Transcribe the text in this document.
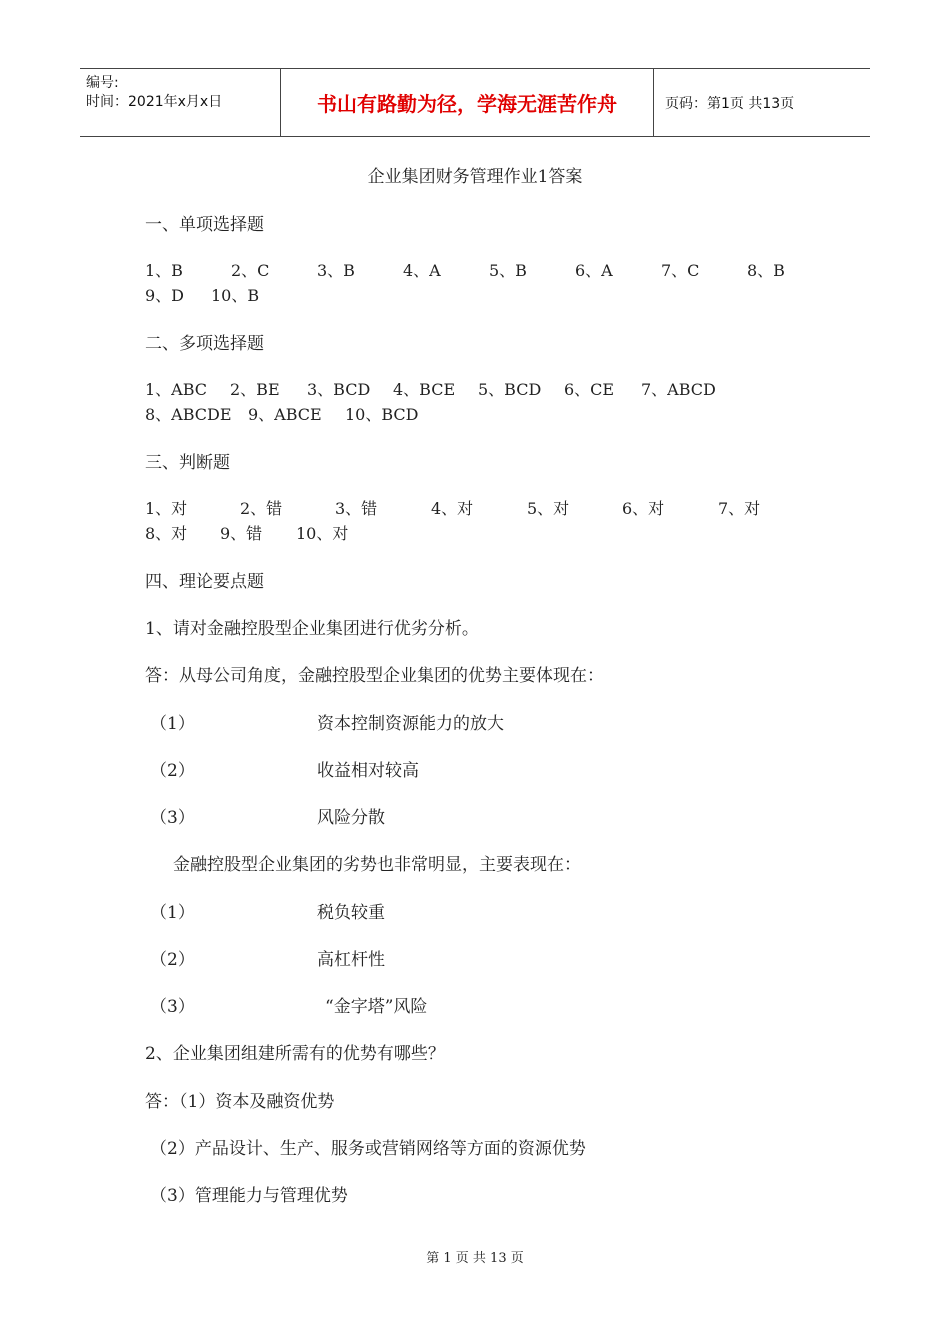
编号:
时间：2021年x月x日	书山有路勤为径，学海无涯苦作舟	页码：第1页 共13页
企业集团财务管理作业1答案
一、单项选择题
1、B	2、C	3、B	4、A	5、B	6、A	7、C	8、B
9、D 10、B
二、多项选择题
1、ABC 2、BE 3、BCD 4、BCE 5、BCD 6、CE 7、ABCD
8、ABCDE 9、ABCE 10、BCD
三、判断题
1、对	2、错	3、错	4、对	5、对	6、对	7、对
8、对 9、错 10、对
四、理论要点题
1、请对金融控股型企业集团进行优劣分析。
答：从母公司角度，金融控股型企业集团的优势主要体现在：
（1）	资本控制资源能力的放大
（2）	收益相对较高
（3）	风险分散
金融控股型企业集团的劣势也非常明显，主要表现在：
（1）	税负较重
（2）	高杠杆性
（3）	“金字塔”风险
2、企业集团组建所需有的优势有哪些？
答：（1）资本及融资优势
（2）产品设计、生产、服务或营销网络等方面的资源优势
（3）管理能力与管理优势
第 1 页 共 13 页
